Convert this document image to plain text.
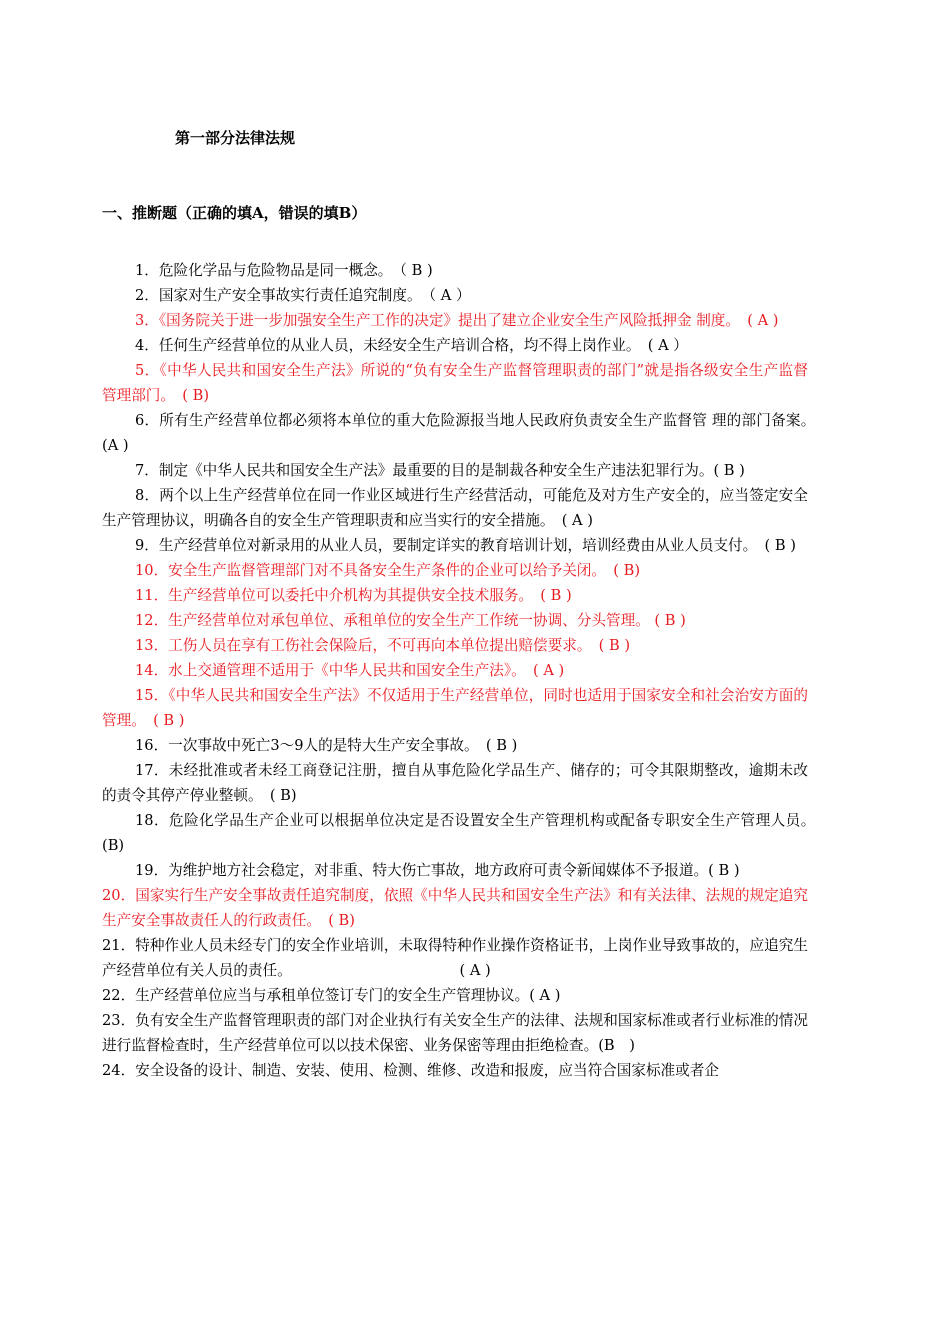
第一部分法律法规
一、推断题（正确的填A，错误的填B）

1．危险化学品与危险物品是同一概念。　（ B )

2．国家对生产安全事故实行责任追究制度。　（ A ）

3．《国务院关于进一步加强安全生产工作的决定》提出了建立企业安全生产风险抵押金 制度。　( A )

4．任何生产经营单位的从业人员，未经安全生产培训合格，均不得上岗作业。　( A ）

5．《中华人民共和国安全生产法》所说的“负有安全生产监督管理职责的部门”就是指各级安全生产监督管理部门。　( B)

6．所有生产经营单位都必须将本单位的重大危险源报当地人民政府负责安全生产监督管 理的部门备案。　(A )

7．制定《中华人民共和国安全生产法》最重要的目的是制裁各种安全生产违法犯罪行为。( B )

8．两个以上生产经营单位在同一作业区域进行生产经营活动，可能危及对方生产安全的，应当签定安全生产管理协议，明确各自的安全生产管理职责和应当实行的安全措施。　( A )

9．生产经营单位对新录用的从业人员，要制定详实的教育培训计划，培训经费由从业人员支付。　( B )

10．安全生产监督管理部门对不具备安全生产条件的企业可以给予关闭。　( B)

11．生产经营单位可以委托中介机构为其提供安全技术服务。　( B )

12．生产经营单位对承包单位、承租单位的安全生产工作统一协调、分头管理。 ( B )

13．工伤人员在享有工伤社会保险后，不可再向本单位提出赔偿要求。　( B )

14．水上交通管理不适用于《中华人民共和国安全生产法》。　( A )

15．《中华人民共和国安全生产法》不仅适用于生产经营单位，同时也适用于国家安全和社会治安方面的管理。　( B )

16．一次事故中死亡3～9人的是特大生产安全事故。　( B )

17．未经批准或者未经工商登记注册，擅自从事危险化学品生产、储存的；可令其限期整改，逾期未改的责令其停产停业整顿。　( B)

18．危险化学品生产企业可以根据单位决定是否设置安全生产管理机构或配备专职安全生产管理人员。　(B)

19．为维护地方社会稳定，对非重、特大伤亡事故，地方政府可责令新闻媒体不予报道。( B )

20．国家实行生产安全事故责任追究制度，依照《中华人民共和国安全生产法》和有关法律、法规的规定追究生产安全事故责任人的行政责任。　( B)

21．特种作业人员未经专门的安全作业培训，未取得特种作业操作资格证书，上岗作业导致事故的，应追究生产经营单位有关人员的责任。　　　　　　　　　　　　( A )

22．生产经营单位应当与承租单位签订专门的安全生产管理协议。( A )

23．负有安全生产监督管理职责的部门对企业执行有关安全生产的法律、法规和国家标准或者行业标准的情况进行监督检查时，生产经营单位可以以技术保密、业务保密等理由拒绝检查。(B　)

24．安全设备的设计、制造、安装、使用、检测、维修、改造和报废，应当符合国家标准或者企
